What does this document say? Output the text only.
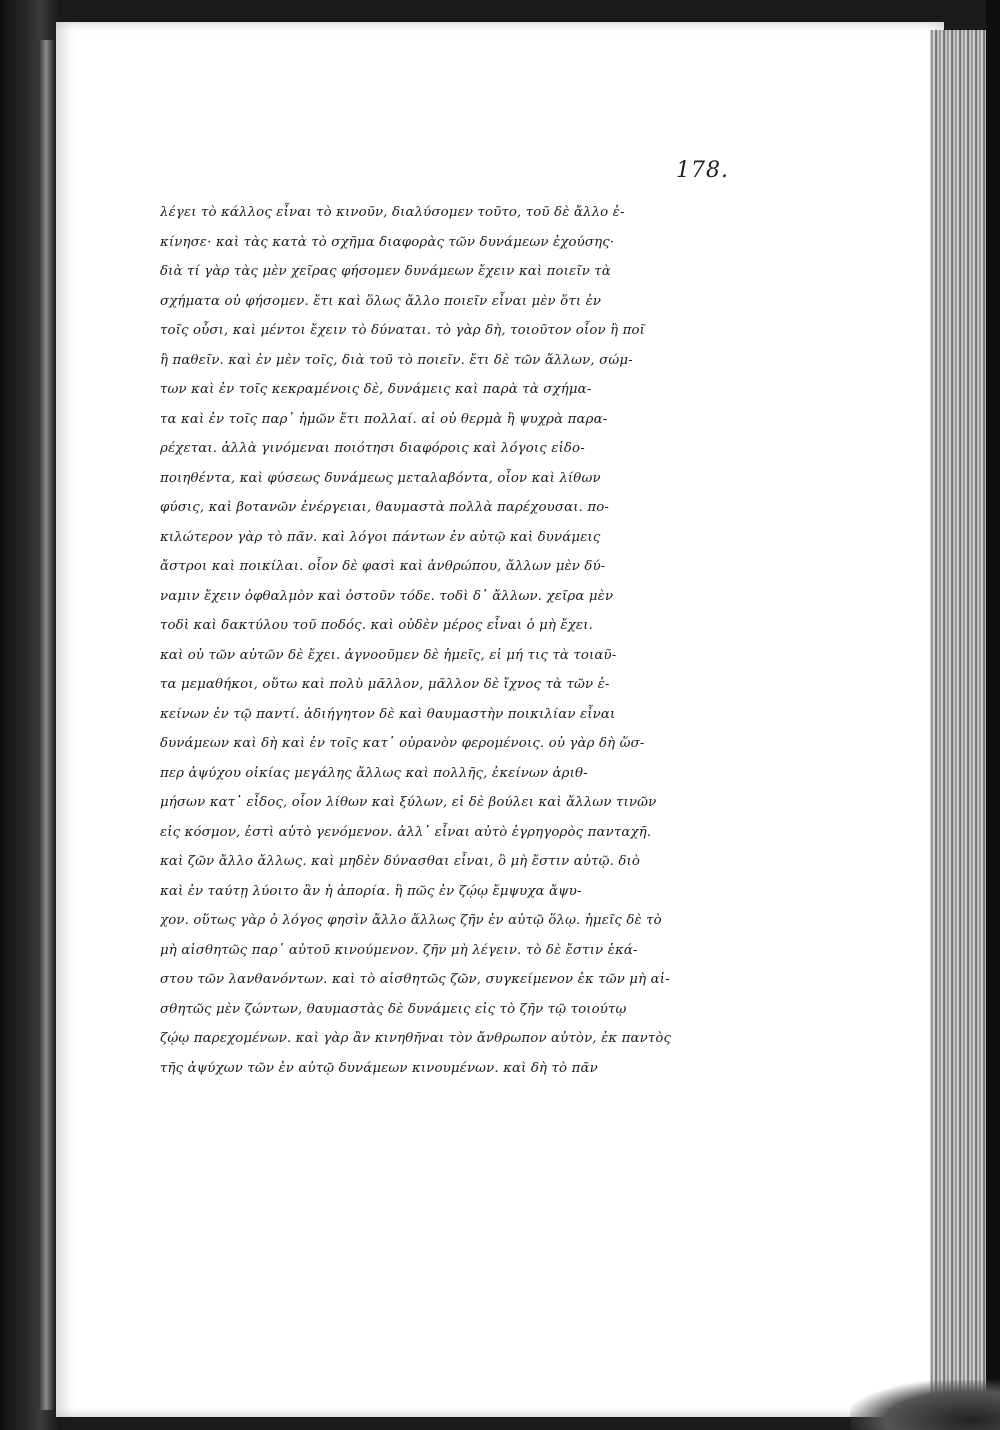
178.
λέγει τὸ κάλλος εἶναι τὸ κινοῦν, διαλύσομεν τοῦτο, τοῦ δὲ ἄλλο ἐ-
κίνησε· καὶ τὰς κατὰ τὸ σχῆμα διαφορὰς τῶν δυνάμεων ἐχούσης·
διὰ τί γὰρ τὰς μὲν χεῖρας φήσομεν δυνάμεων ἔχειν καὶ ποιεῖν τὰ
σχήματα οὐ φήσομεν. ἔτι καὶ ὅλως ἄλλο ποιεῖν εἶναι μὲν ὅτι ἐν
τοῖς οὖσι, καὶ μέντοι ἔχειν τὸ δύναται. τὸ γὰρ δὴ, τοιοῦτον οἷον ἢ ποῖ
ἢ παθεῖν. καὶ ἐν μὲν τοῖς, διὰ τοῦ τὸ ποιεῖν. ἔτι δὲ τῶν ἄλλων, σώμ-
των καὶ ἐν τοῖς κεκραμένοις δὲ, δυνάμεις καὶ παρὰ τὰ σχήμα-
τα καὶ ἐν τοῖς παρ᾽ ἡμῶν ἔτι πολλαί. αἱ οὐ θερμὰ ἢ ψυχρὰ παρα-
ρέχεται. ἀλλὰ γινόμεναι ποιότησι διαφόροις καὶ λόγοις εἰδο-
ποιηθέντα, καὶ φύσεως δυνάμεως μεταλαβόντα, οἷον καὶ λίθων
φύσις, καὶ βοτανῶν ἐνέργειαι, θαυμαστὰ πολλὰ παρέχουσαι. πο-
κιλώτερον γὰρ τὸ πᾶν. καὶ λόγοι πάντων ἐν αὐτῷ καὶ δυνάμεις
ἄστροι καὶ ποικίλαι. οἷον δὲ φασὶ καὶ ἀνθρώπου, ἄλλων μὲν δύ-
ναμιν ἔχειν ὀφθαλμὸν καὶ ὀστοῦν τόδε. τοδὶ δ᾽ ἄλλων. χεῖρα μὲν
τοδὶ καὶ δακτύλου τοῦ ποδός. καὶ οὐδὲν μέρος εἶναι ὁ μὴ ἔχει.
καὶ οὐ τῶν αὐτῶν δὲ ἔχει. ἀγνοοῦμεν δὲ ἡμεῖς, εἰ μή τις τὰ τοιαῦ-
τα μεμαθήκοι, οὕτω καὶ πολὺ μᾶλλον, μᾶλλον δὲ ἴχνος τὰ τῶν ἐ-
κείνων ἐν τῷ παντί. ἀδιήγητον δὲ καὶ θαυμαστὴν ποικιλίαν εἶναι
δυνάμεων καὶ δὴ καὶ ἐν τοῖς κατ᾽ οὐρανὸν φερομένοις. οὐ γὰρ δὴ ὥσ-
περ ἀψύχου οἰκίας μεγάλης ἄλλως καὶ πολλῆς, ἐκείνων ἀριθ-
μήσων κατ᾽ εἶδος, οἷον λίθων καὶ ξύλων, εἰ δὲ βούλει καὶ ἄλλων τινῶν
εἰς κόσμον, ἐστὶ αὐτὸ γενόμενον. ἀλλ᾽ εἶναι αὐτὸ ἐγρηγορὸς πανταχῆ.
καὶ ζῶν ἄλλο ἄλλως. καὶ μηδὲν δύνασθαι εἶναι, ὃ μὴ ἔστιν αὐτῷ. διὸ
καὶ ἐν ταύτῃ λύοιτο ἂν ἡ ἀπορία. ἢ πῶς ἐν ζῴῳ ἔμψυχα ἄψυ-
χον. οὕτως γὰρ ὁ λόγος φησὶν ἄλλο ἄλλως ζῆν ἐν αὐτῷ ὅλῳ. ἡμεῖς δὲ τὸ
μὴ αἰσθητῶς παρ᾽ αὐτοῦ κινούμενον. ζῆν μὴ λέγειν. τὸ δὲ ἔστιν ἑκά-
στου τῶν λανθανόντων. καὶ τὸ αἰσθητῶς ζῶν, συγκείμενον ἐκ τῶν μὴ αἰ-
σθητῶς μὲν ζώντων, θαυμαστὰς δὲ δυνάμεις εἰς τὸ ζῆν τῷ τοιούτῳ
ζῴῳ παρεχομένων. καὶ γὰρ ἂν κινηθῆναι τὸν ἄνθρωπον αὐτὸν, ἐκ παντὸς
τῆς ἀψύχων τῶν ἐν αὐτῷ δυνάμεων κινουμένων. καὶ δὴ τὸ πᾶν
